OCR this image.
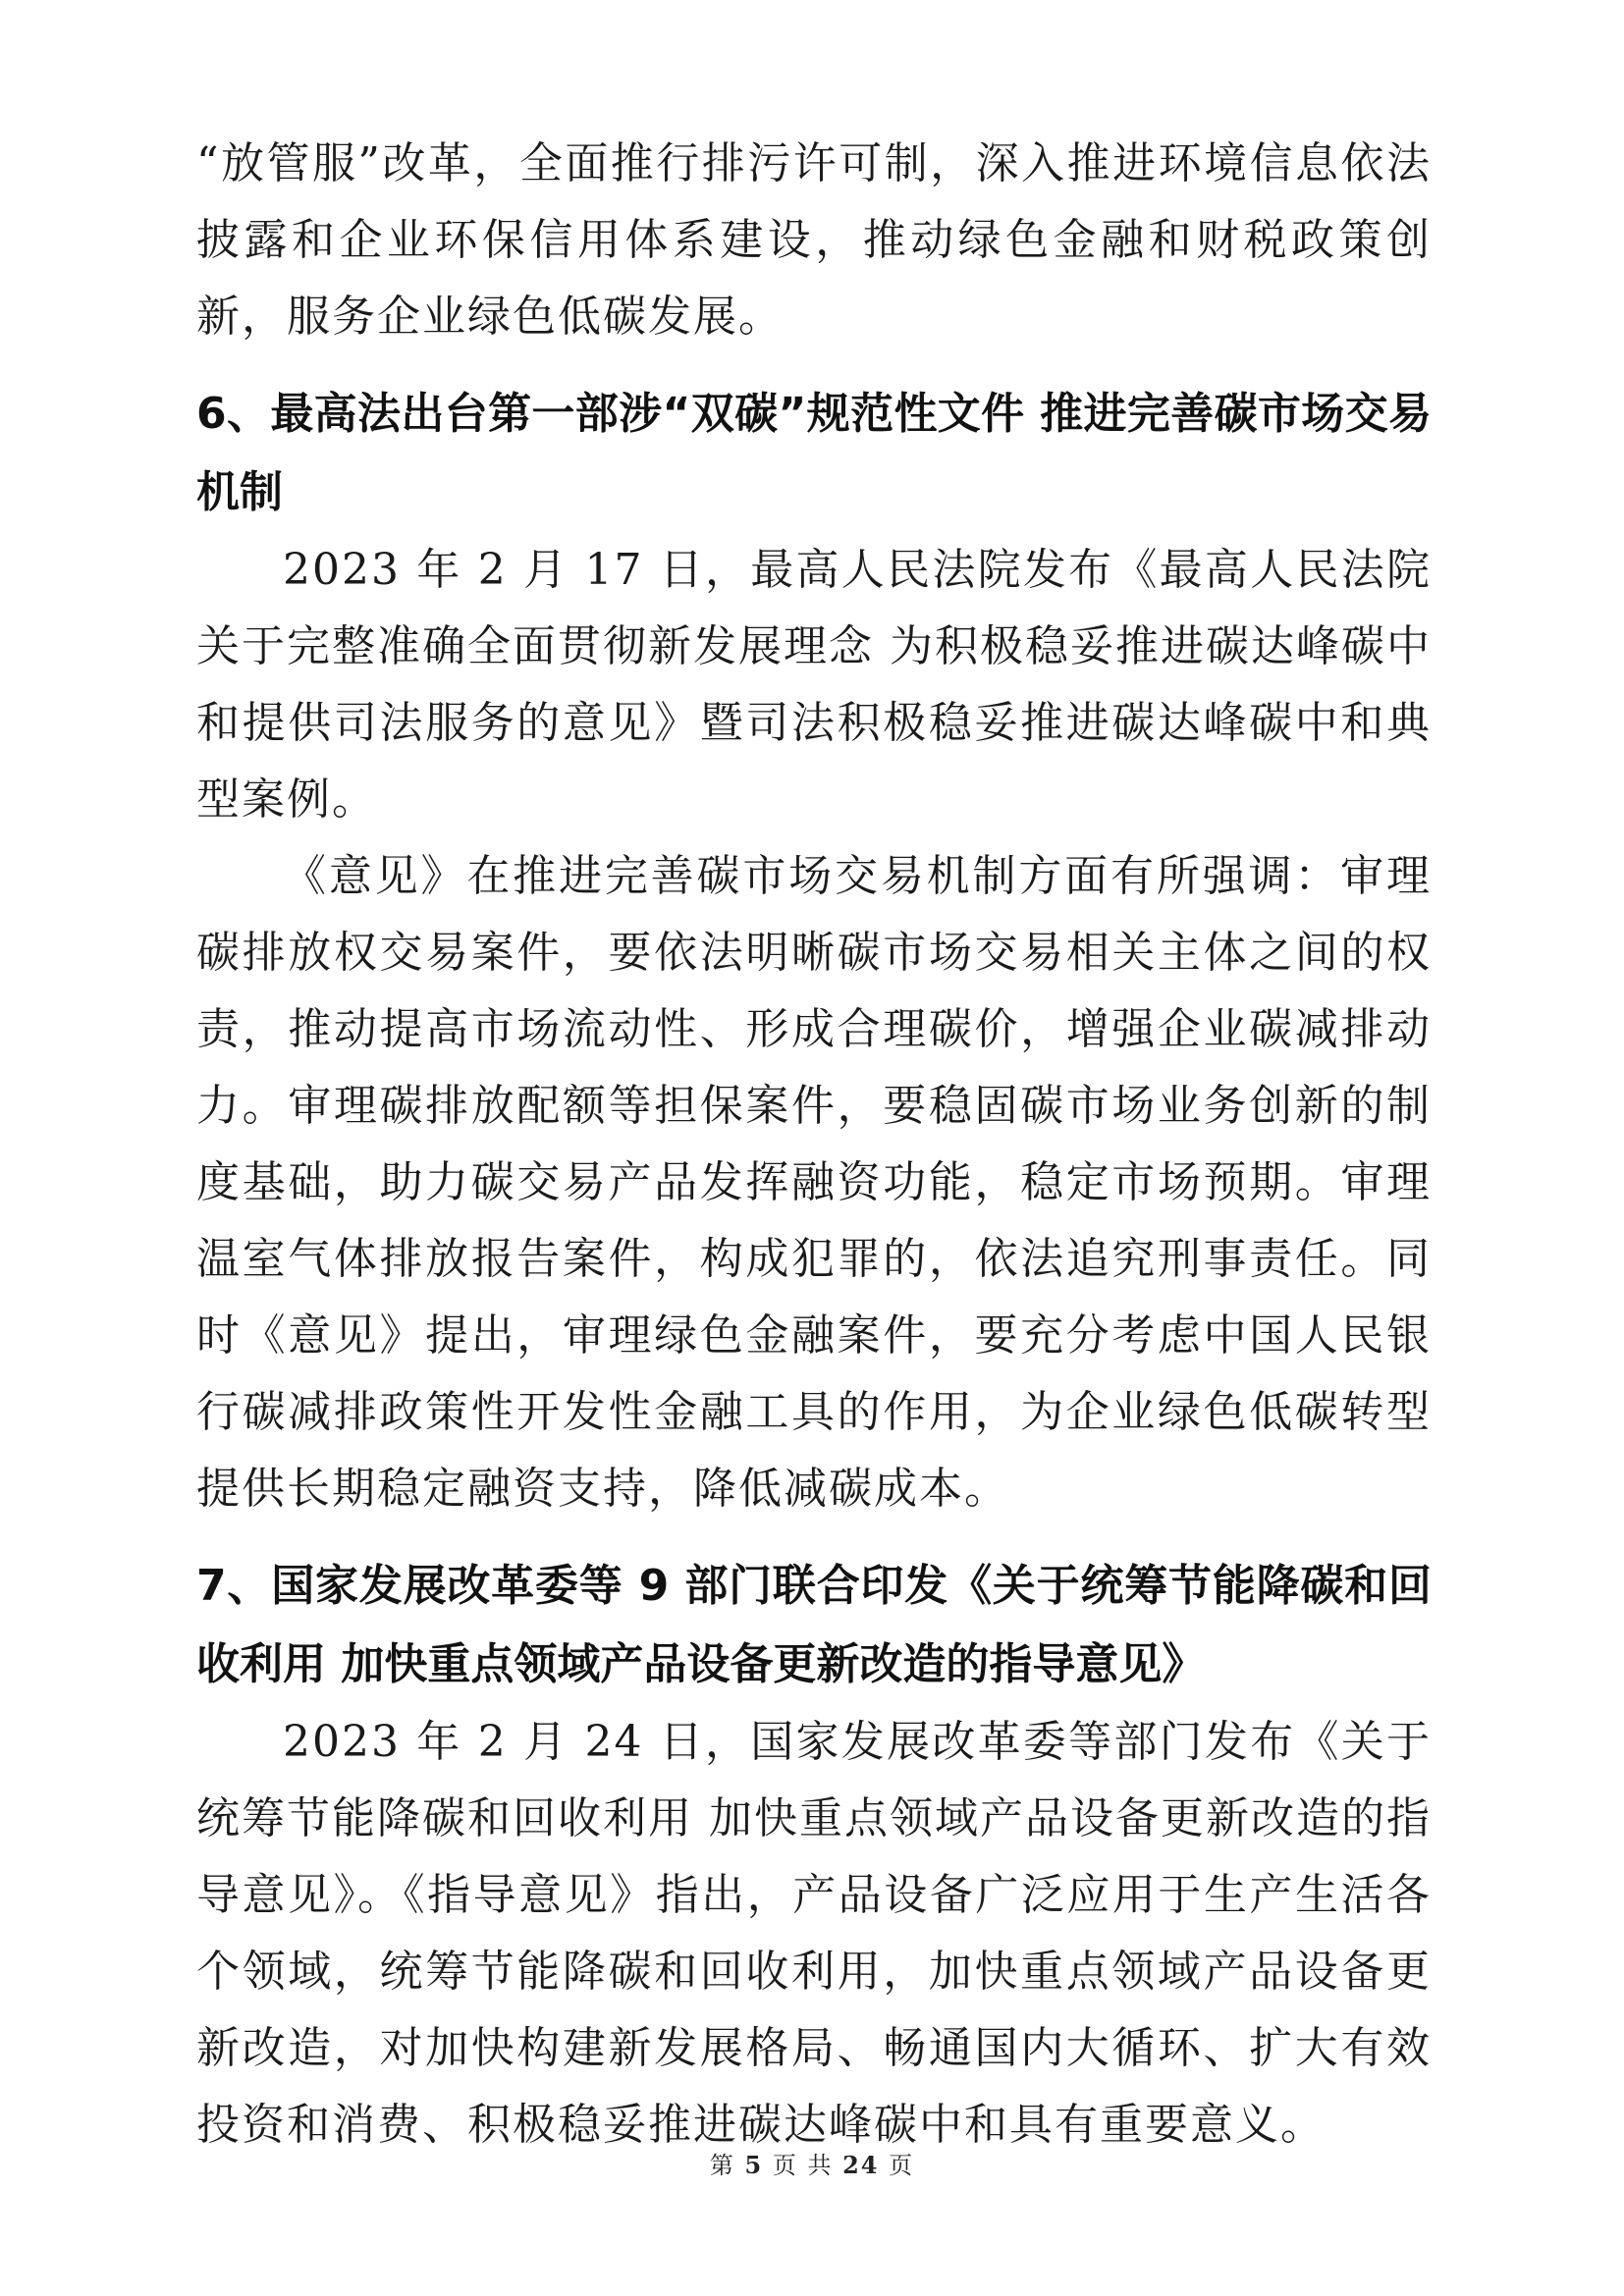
“放管服”改革，全面推行排污许可制，深入推进环境信息依法披露和企业环保信用体系建设，推动绿色金融和财税政策创新，服务企业绿色低碳发展。

6、最高法出台第一部涉“双碳”规范性文件 推进完善碳市场交易机制

2023 年 2 月 17 日，最高人民法院发布《最高人民法院关于完整准确全面贯彻新发展理念 为积极稳妥推进碳达峰碳中和提供司法服务的意见》暨司法积极稳妥推进碳达峰碳中和典型案例。

《意见》在推进完善碳市场交易机制方面有所强调：审理碳排放权交易案件，要依法明晰碳市场交易相关主体之间的权责，推动提高市场流动性、形成合理碳价，增强企业碳减排动力。审理碳排放配额等担保案件，要稳固碳市场业务创新的制度基础，助力碳交易产品发挥融资功能，稳定市场预期。审理温室气体排放报告案件，构成犯罪的，依法追究刑事责任。同时《意见》提出，审理绿色金融案件，要充分考虑中国人民银行碳减排政策性开发性金融工具的作用，为企业绿色低碳转型提供长期稳定融资支持，降低减碳成本。

7、国家发展改革委等 9 部门联合印发《关于统筹节能降碳和回收利用 加快重点领域产品设备更新改造的指导意见》

2023 年 2 月 24 日，国家发展改革委等部门发布《关于统筹节能降碳和回收利用 加快重点领域产品设备更新改造的指导意见》。《指导意见》指出，产品设备广泛应用于生产生活各个领域，统筹节能降碳和回收利用，加快重点领域产品设备更新改造，对加快构建新发展格局、畅通国内大循环、扩大有效投资和消费、积极稳妥推进碳达峰碳中和具有重要意义。

第 5 页 共 24 页
